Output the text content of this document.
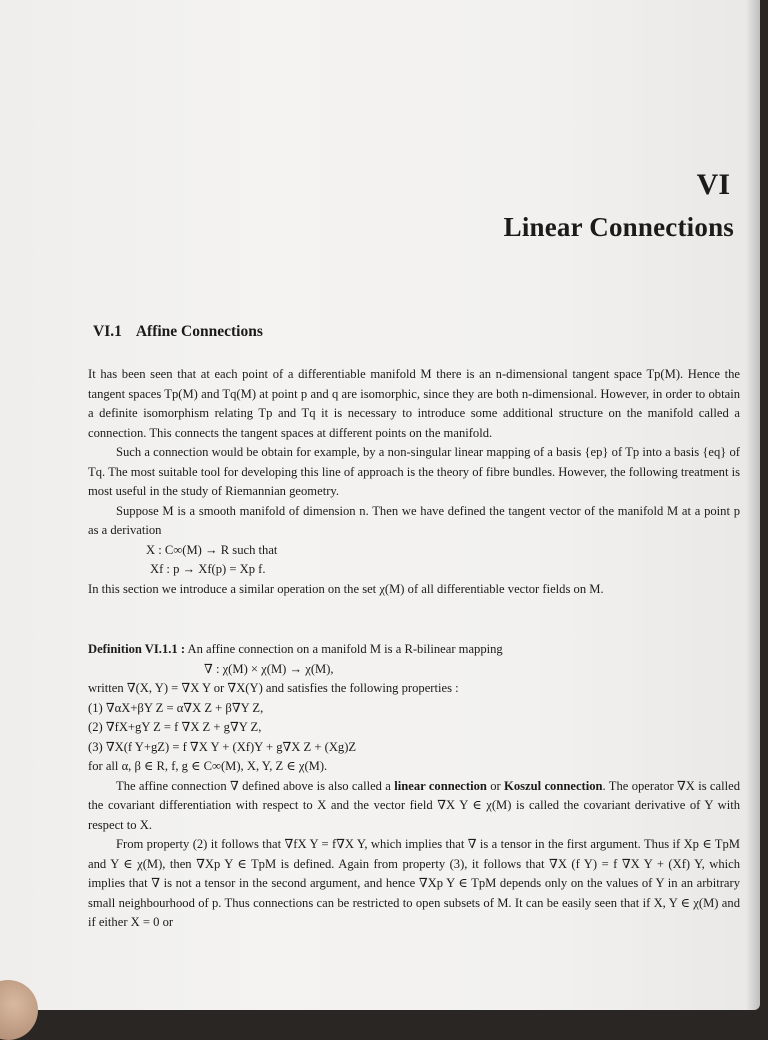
VI
Linear Connections
VI.1 Affine Connections

It has been seen that at each point of a differentiable manifold M there is an n-dimensional tangent space Tp(M). Hence the tangent spaces Tp(M) and Tq(M) at point p and q are isomorphic, since they are both n-dimensional. However, in order to obtain a definite isomorphism relating Tp and Tq it is necessary to introduce some additional structure on the manifold called a connection. This connects the tangent spaces at different points on the manifold.

Such a connection would be obtain for example, by a non-singular linear mapping of a basis {ep} of Tp into a basis {eq} of Tq. The most suitable tool for developing this line of approach is the theory of fibre bundles. However, the following treatment is most useful in the study of Riemannian geometry.

Suppose M is a smooth manifold of dimension n. Then we have defined the tangent vector of the manifold M at a point p as a derivation

X : C∞(M) → R such that

Xf : p → Xf(p) = Xp f.

In this section we introduce a similar operation on the set χ(M) of all differentiable vector fields on M.

Definition VI.1.1 : An affine connection on a manifold M is a R-bilinear mapping

∇ : χ(M) × χ(M) → χ(M),

written ∇(X, Y) = ∇X Y or ∇X(Y) and satisfies the following properties :

(1) ∇αX+βY Z = α∇X Z + β∇Y Z,

(2) ∇fX+gY Z = f ∇X Z + g∇Y Z,

(3) ∇X(f Y+gZ) = f ∇X Y + (Xf)Y + g∇X Z + (Xg)Z

for all α, β ∈ R, f, g ∈ C∞(M), X, Y, Z ∈ χ(M).

The affine connection ∇ defined above is also called a linear connection or Koszul connection. The operator ∇X is called the covariant differentiation with respect to X and the vector field ∇X Y ∈ χ(M) is called the covariant derivative of Y with respect to X.

From property (2) it follows that ∇fX Y = f∇X Y, which implies that ∇ is a tensor in the first argument. Thus if Xp ∈ TpM and Y ∈ χ(M), then ∇Xp Y ∈ TpM is defined. Again from property (3), it follows that ∇X (f Y) = f ∇X Y + (Xf) Y, which implies that ∇ is not a tensor in the second argument, and hence ∇Xp Y ∈ TpM depends only on the values of Y in an arbitrary small neighbourhood of p. Thus connections can be restricted to open subsets of M. It can be easily seen that if X, Y ∈ χ(M) and if either X = 0 or
